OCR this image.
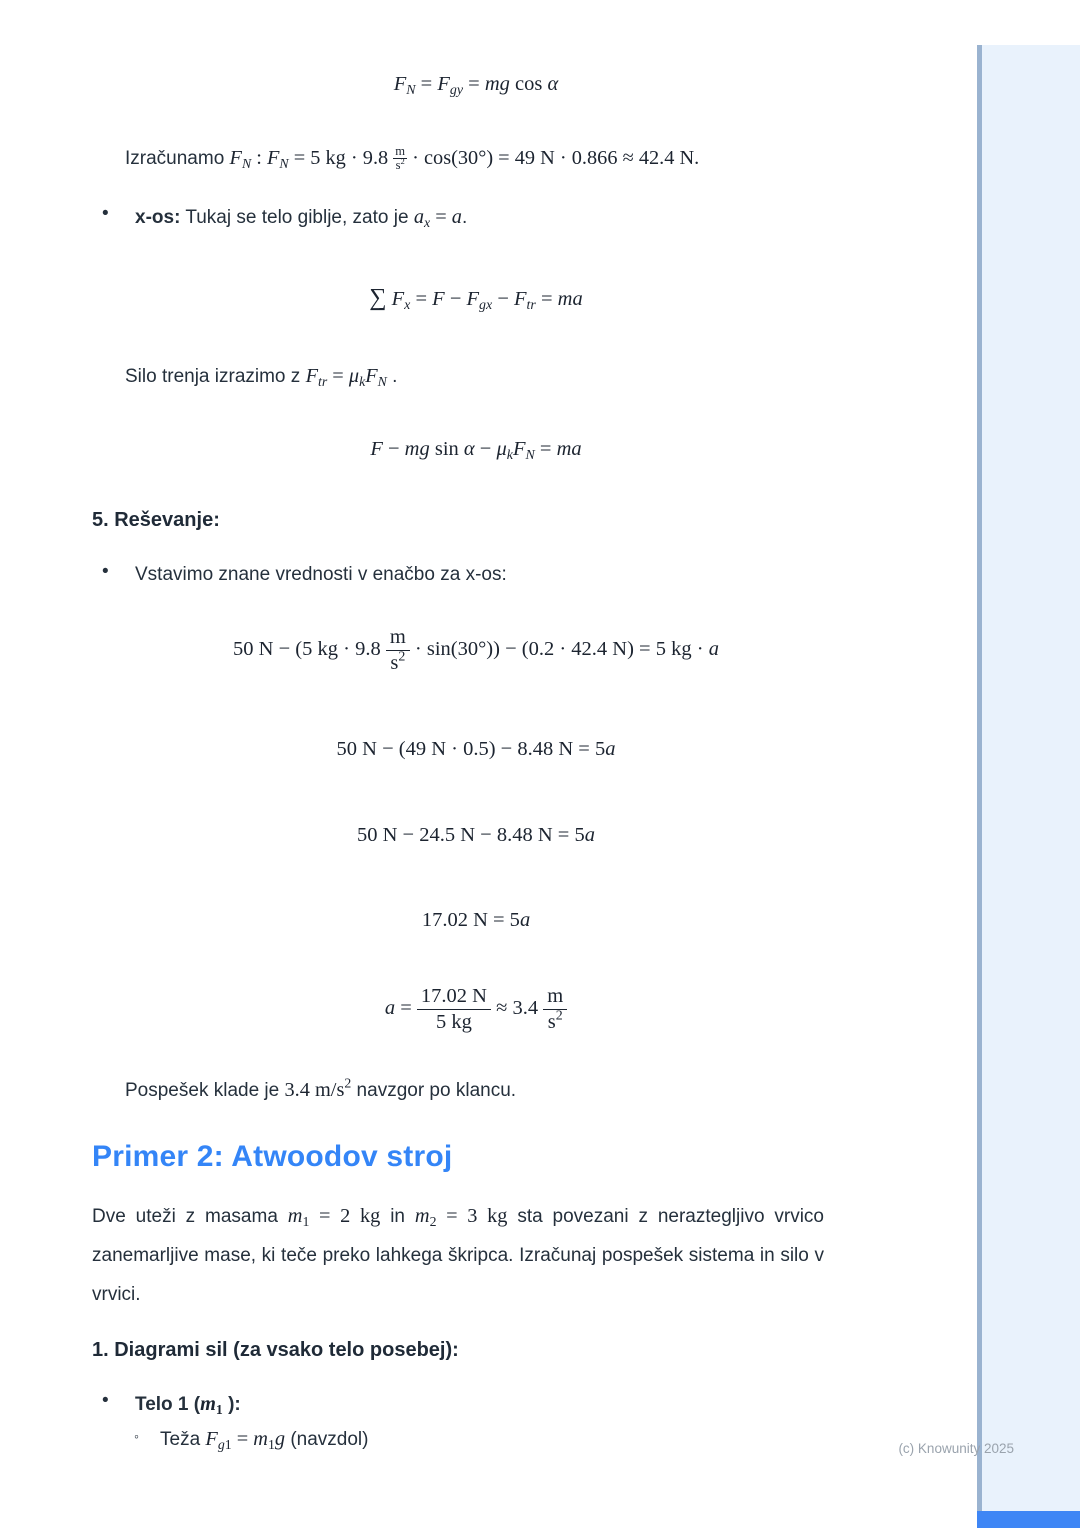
$F_N = F_{gy}$ = mg cos α

Izračunamo $F_N$ : $F_N = 5$ kg · $9.8 \frac{m}{s^2} \cdot \cos(30^\circ) = 49$ N · 0.866 ≈ 42.4 N.

•	x-os: Tukaj se telo giblje, zato je $a_x = a$.
∑ $F_x = F - F_{gx} - F_{tr}$ = ma

Silo trenja izrazimo z $F_{tr} = \mu_kF_N$ .

F − mg $\sin \alpha - \mu_kF_N$ = ma
5. Reševanje:
•	Vstavimo znane vrednosti v enačbo za x-os:
50 N − (5 kg · $9.8 \frac{m}{s^2} \cdot \sin(30^\circ)) - (0.2 \cdot 42.4$ N) = 5 kg · a
50 N − (49 N · 0.5) − 8.48 N = 5a
50 N − 24.5 N − 8.48 N = 5a
17.02 N = 5a
$a = \frac{17.02 N}{5 kg} \approx 3.4 \frac{m}{s^2}$

Pospešek klade je 3.4 $m/s^2$ navzgor po klancu.

Primer 2: Atwoodov stroj

Dve uteži z masama $m_1 = 2$ kg in $m_2 = 3$ kg sta povezani z neraztegljivo vrvico zanemarljive mase, ki teče preko lahkega škripca. Izračunaj pospešek sistema in silo v vrvici.

1. Diagrami sil (za vsako telo posebej):
•	Telo 1 ($m_1$ ):
◦	Teža $F_{g1} = m_1g$ (navzdol)	(c) Knowunity 2025
